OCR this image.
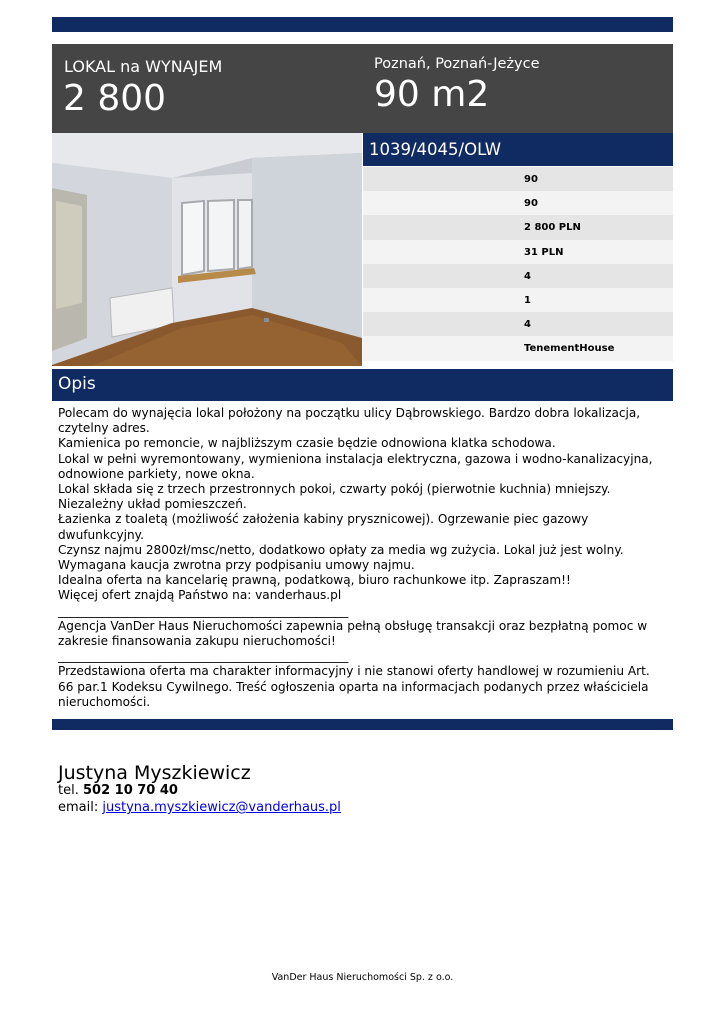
LOKAL na WYNAJEM
2 800
Poznań, Poznań-Jeżyce
90 m2
1039/4045/OLW
90
90
2 800 PLN
31 PLN
4
1
4
TenementHouse
Opis
Polecam do wynajęcia lokal położony na początku ulicy Dąbrowskiego. Bardzo dobra lokalizacja, czytelny adres.
Kamienica po remoncie, w najbliższym czasie będzie odnowiona klatka schodowa.
Lokal w pełni wyremontowany, wymieniona instalacja elektryczna, gazowa i wodno-kanalizacyjna, odnowione parkiety, nowe okna.
Lokal składa się z trzech przestronnych pokoi, czwarty pokój (pierwotnie kuchnia) mniejszy. Niezależny układ pomieszczeń.
Łazienka z toaletą (możliwość założenia kabiny prysznicowej). Ogrzewanie piec gazowy dwufunkcyjny.
Czynsz najmu 2800zł/msc/netto, dodatkowo opłaty za media wg zużycia. Lokal już jest wolny.
Wymagana kaucja zwrotna przy podpisaniu umowy najmu.
Idealna oferta na kancelarię prawną, podatkową, biuro rachunkowe itp. Zapraszam!!
Więcej ofert znajdą Państwo na: vanderhaus.pl
________________________________________________
Agencja VanDer Haus Nieruchomości zapewnia pełną obsługę transakcji oraz bezpłatną pomoc w zakresie finansowania zakupu nieruchomości!
________________________________________________
Przedstawiona oferta ma charakter informacyjny i nie stanowi oferty handlowej w rozumieniu Art. 66 par.1 Kodeksu Cywilnego. Treść ogłoszenia oparta na informacjach podanych przez właściciela nieruchomości.
Justyna Myszkiewicz
tel. 502 10 70 40
email: justyna.myszkiewicz@vanderhaus.pl
VanDer Haus Nieruchomości Sp. z o.o.
